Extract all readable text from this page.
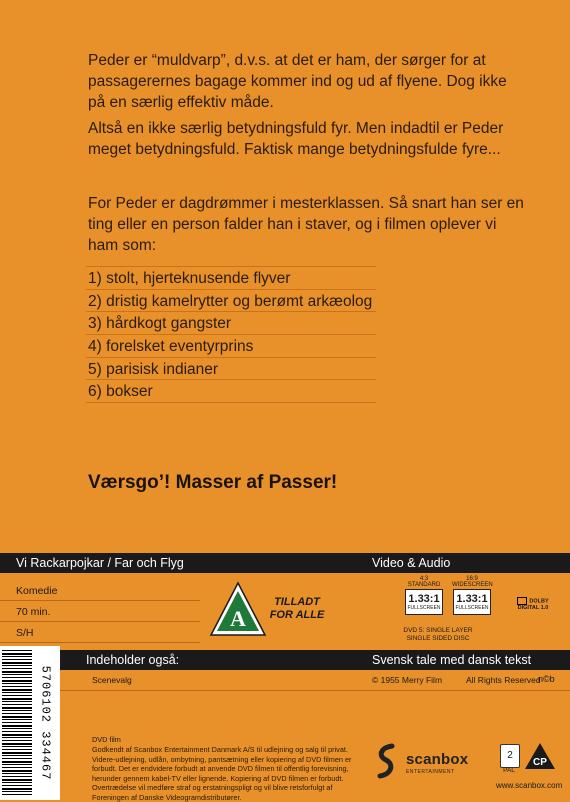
Peder er “muldvarp”, d.v.s. at det er ham, der sørger for at passagerernes bagage kommer ind og ud af flyene. Dog ikke på en særlig effektiv måde.

Altså en ikke særlig betydningsfuld fyr. Men indadtil er Peder meget betydningsfuld. Faktisk mange betydningsfulde fyre...

For Peder er dagdrømmer i mesterklassen. Så snart han ser en ting eller en person falder han i staver, og i filmen oplever vi ham som:

1) stolt, hjerteknusende flyver
2) dristig kamelrytter og berømt arkæolog
3) hårdkogt gangster
4) forelsket eventyrprins
5) parisisk indianer
6) bokser

Værsgo’! Masser af Passer!

Vi Rackarpojkar / Far och Flyg	Video & Audio
Komedie
70 min.
S/H
A
TILLADT
FOR ALLE
4:3 STANDARD
1.33:1
FULLSCREEN
16:9 WIDESCREEN
1.33:1
FULLSCREEN
DOLBY
DIGITAL 1.0
DVD 5: SINGLE LAYER
SINGLE SIDED DISC
5706102 334467
Indeholder også:	Svensk tale med dansk tekst
Scenevalg	© 1955 Merry Film	All Rights Reserved
n©b
DVD film
Godkendt af Scanbox Entertainment Danmark A/S til udlejning og salg til privat. Videre-udlejning, udlån, ombytning, pantsætning eller kopiering af DVD filmen er forbudt. Det er endvidere forbudt at anvende DVD filmen til offentlig forevisning, herunder gennem kabel-TV eller lignende. Kopiering af DVD filmen er forbudt. Overtrædelse vil medføre straf og erstatningspligt og vil blive retsforfulgt af Foreningen af Danske Videogramdistributører.
scanbox
ENTERTAINMENT
2
PAL
CP
www.scanbox.com
